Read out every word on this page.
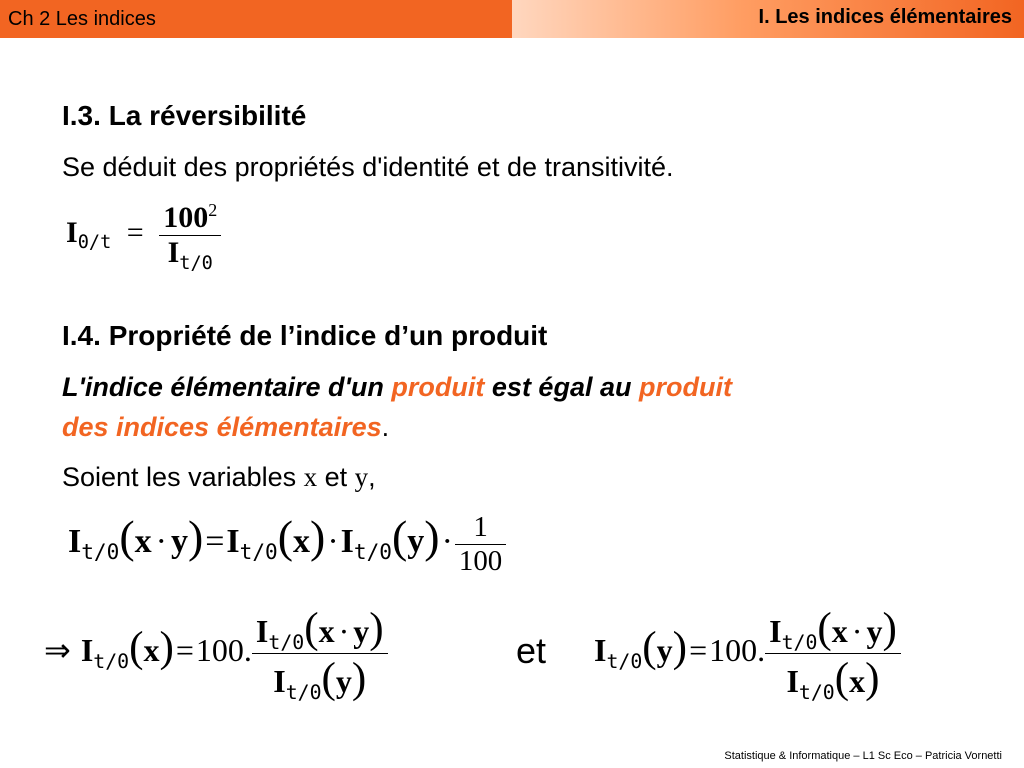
Ch 2 Les indices	I. Les indices élémentaires
I.3. La réversibilité
Se déduit des propriétés d'identité et de transitivité.
$I_{0/t} = \frac{100^2}{I_{t/0}}$
I.4. Propriété de l’indice d’un produit
L'indice élémentaire d'un produit est égal au produit
des indices élémentaires.
Soient les variables x et y,
$I_{t/0}(x \cdot y)=I_{t/0}(x)\cdot I_{t/0}(y)\cdot \frac{1}{100}$
⇒ $I_{t/0}(x)=100$. $\frac{I_{t/0}(x \cdot y)}{I_{t/0}(y)}$	et $I_{t/0}(y)=100$. $\frac{I_{t/0}(x \cdot y)}{I_{t/0}(x)}$
Statistique & Informatique – L1 Sc Eco – Patricia Vornetti
